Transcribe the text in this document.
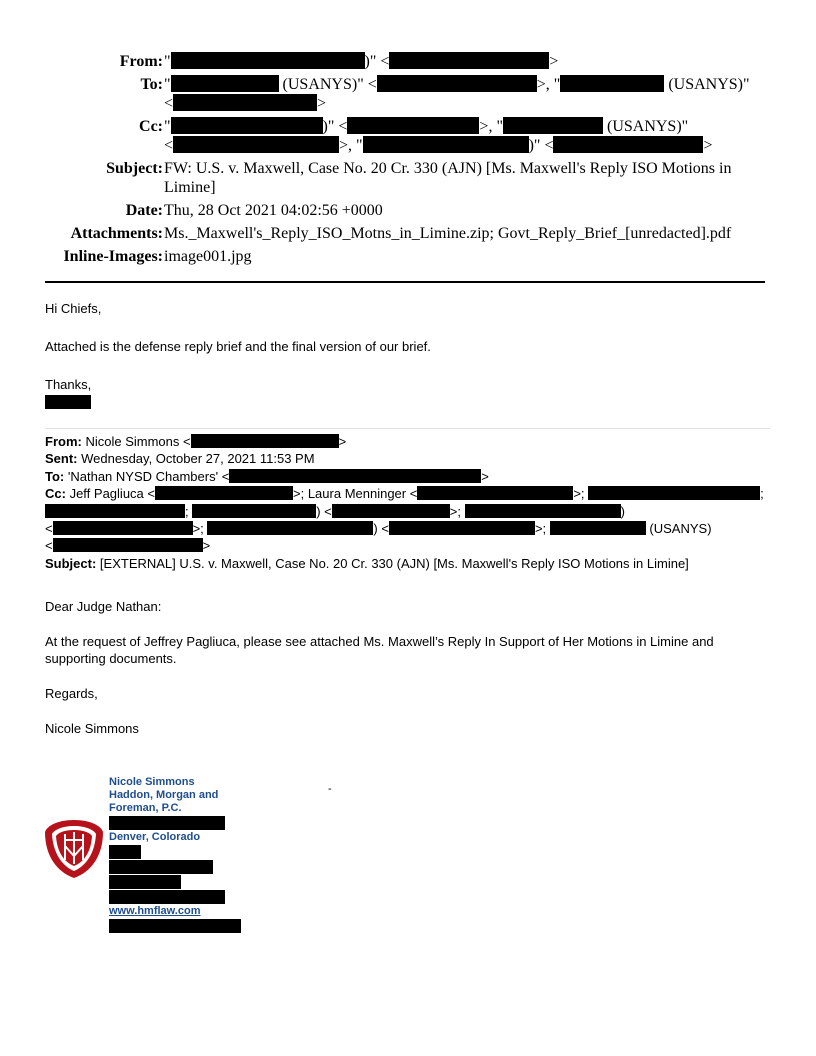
From: "	)" <	>
To: "	(USANYS)" <	>, "	(USANYS)"
<	>
Cc: "	)" <	>, "	(USANYS)"
<	>, "	)" <	>
Subject: FW: U.S. v. Maxwell, Case No. 20 Cr. 330 (AJN) [Ms. Maxwell's Reply ISO Motions in Limine]
Date: Thu, 28 Oct 2021 04:02:56 +0000
Attachments: Ms._Maxwell's_Reply_ISO_Motns_in_Limine.zip; Govt_Reply_Brief_[unredacted].pdf
Inline-Images: image001.jpg

Hi Chiefs,

Attached is the defense reply brief and the final version of our brief.

Thanks,

From: Nicole Simmons <	>
Sent: Wednesday, October 27, 2021 11:53 PM
To: 'Nathan NYSD Chambers' <	>
Cc: Jeff Pagliuca <	>; Laura Menninger <	>;	;
;	) <	>;	)
<	>;	) <	>;	(USANYS)
<	>
Subject: [EXTERNAL] U.S. v. Maxwell, Case No. 20 Cr. 330 (AJN) [Ms. Maxwell's Reply ISO Motions in Limine]

Dear Judge Nathan:

At the request of Jeffrey Pagliuca, please see attached Ms. Maxwell’s Reply In Support of Her Motions in Limine and supporting documents.

Regards,

Nicole Simmons

Nicole Simmons
Haddon, Morgan and
Foreman, P.C.
Denver, Colorado
www.hmflaw.com
-
